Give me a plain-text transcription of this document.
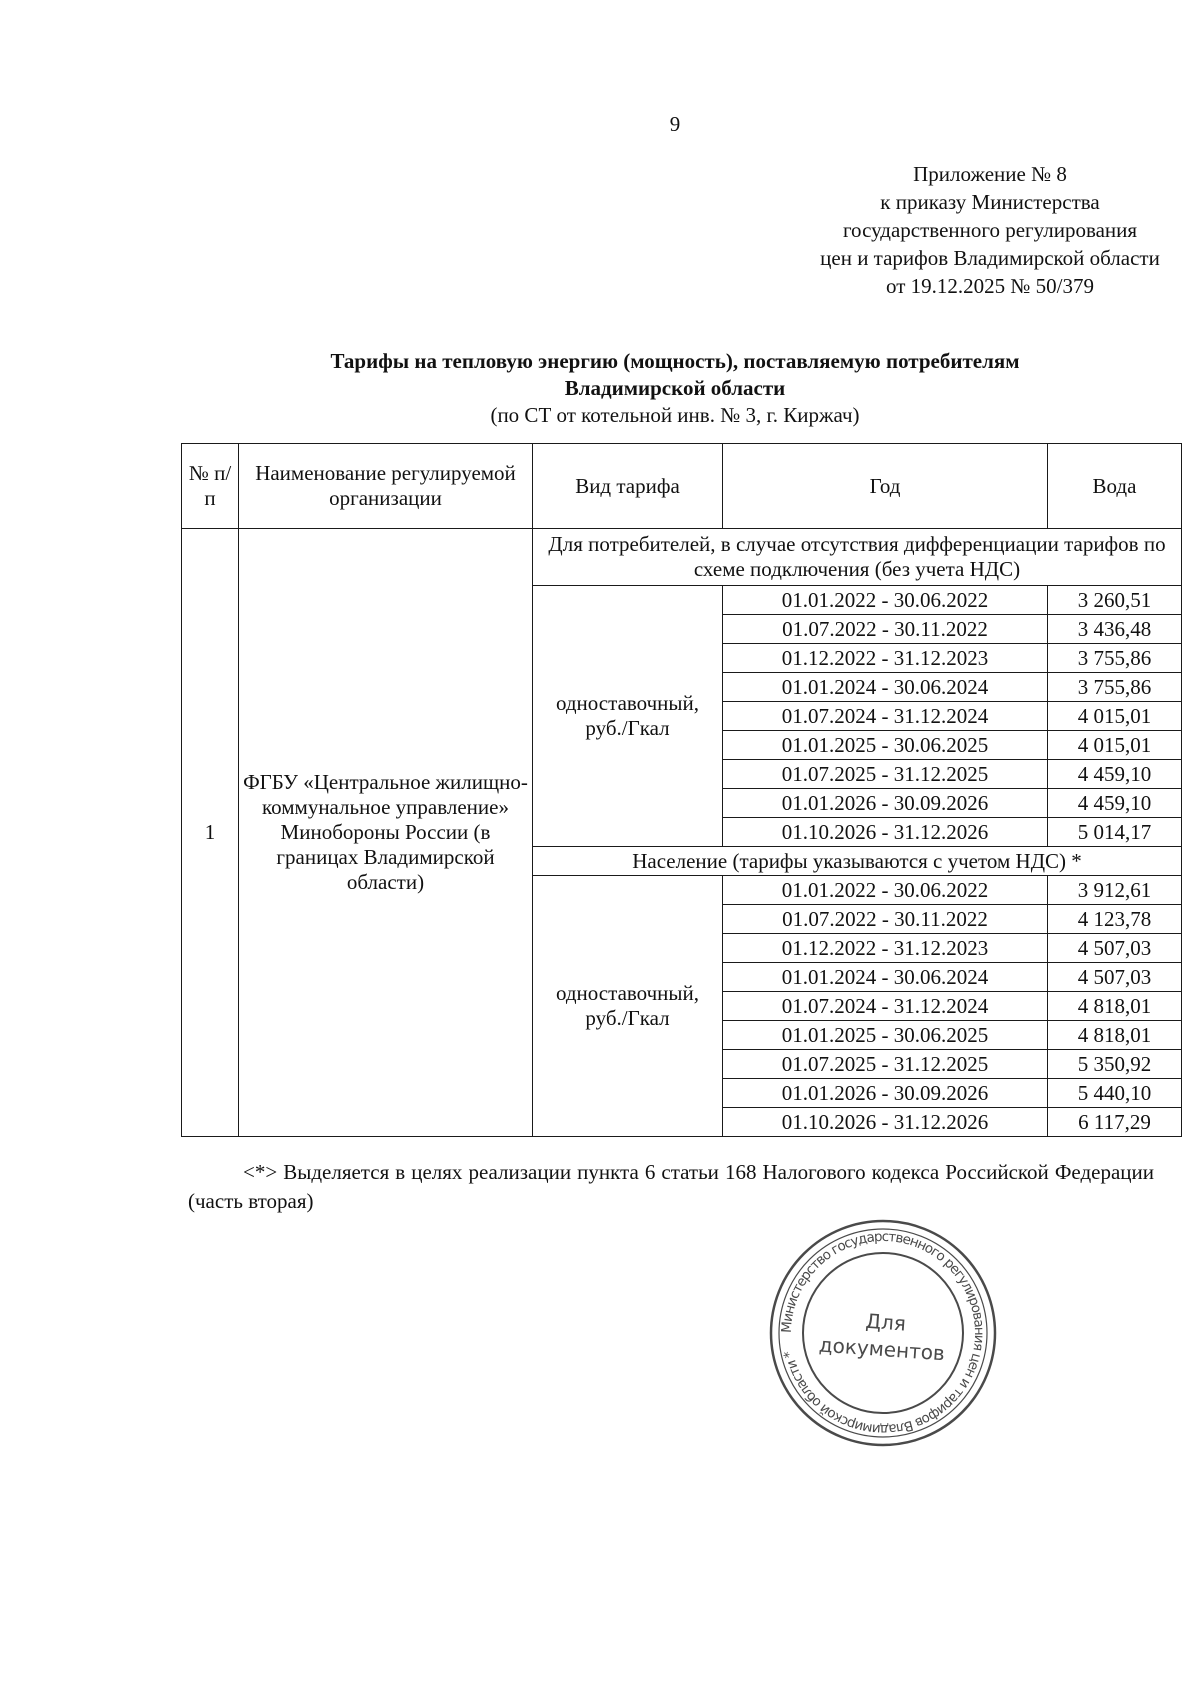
9
Приложение № 8
к приказу Министерства
государственного регулирования
цен и тарифов Владимирской области
от 19.12.2025 № 50/379
Тарифы на тепловую энергию (мощность), поставляемую потребителям
Владимирской области
(по СТ от котельной инв. № 3, г. Киржач)
№ п/п	Наименование регулируемой организации	Вид тарифа	Год	Вода
1	ФГБУ «Центральное жилищно-коммунальное управление» Минобороны России (в границах Владимирской области)	Для потребителей, в случае отсутствия дифференциации тарифов по схеме подключения (без учета НДС)		
		одноставочный, руб./Гкал	01.01.2022 - 30.06.2022	3 260,51
			01.07.2022 - 30.11.2022	3 436,48
			01.12.2022 - 31.12.2023	3 755,86
			01.01.2024 - 30.06.2024	3 755,86
			01.07.2024 - 31.12.2024	4 015,01
			01.01.2025 - 30.06.2025	4 015,01
			01.07.2025 - 31.12.2025	4 459,10
			01.01.2026 - 30.09.2026	4 459,10
			01.10.2026 - 31.12.2026	5 014,17
		Население (тарифы указываются с учетом НДС) *		
		одноставочный, руб./Гкал	01.01.2022 - 30.06.2022	3 912,61
			01.07.2022 - 30.11.2022	4 123,78
			01.12.2022 - 31.12.2023	4 507,03
			01.01.2024 - 30.06.2024	4 507,03
			01.07.2024 - 31.12.2024	4 818,01
			01.01.2025 - 30.06.2025	4 818,01
			01.07.2025 - 31.12.2025	5 350,92
			01.01.2026 - 30.09.2026	5 440,10
			01.10.2026 - 31.12.2026	6 117,29
<*> Выделяется в целях реализации пункта 6 статьи 168 Налогового кодекса Российской Федерации (часть вторая)
Министерство государственного регулирования цен и тарифов Владимирской области *
Для
документов
